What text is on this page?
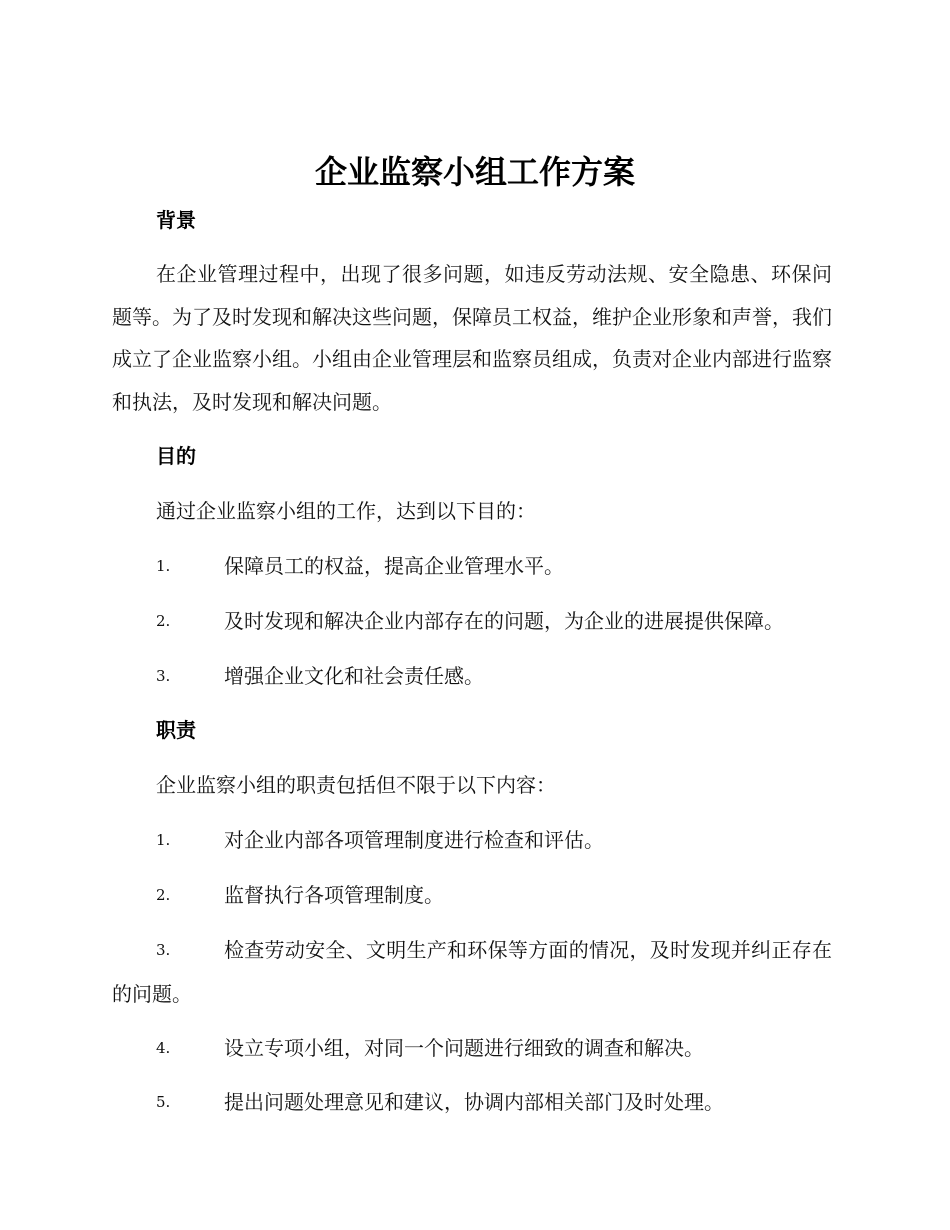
企业监察小组工作方案
背景

在企业管理过程中，出现了很多问题，如违反劳动法规、安全隐患、环保问题等。为了及时发现和解决这些问题，保障员工权益，维护企业形象和声誉，我们成立了企业监察小组。小组由企业管理层和监察员组成，负责对企业内部进行监察和执法，及时发现和解决问题。

目的

通过企业监察小组的工作，达到以下目的：

1.	保障员工的权益，提高企业管理水平。
2.	及时发现和解决企业内部存在的问题，为企业的进展提供保障。
3.	增强企业文化和社会责任感。
职责

企业监察小组的职责包括但不限于以下内容：

1.	对企业内部各项管理制度进行检查和评估。
2.	监督执行各项管理制度。
3.	检查劳动安全、文明生产和环保等方面的情况，及时发现并纠正存在的问题。
4.	设立专项小组，对同一个问题进行细致的调查和解决。
5.	提出问题处理意见和建议，协调内部相关部门及时处理。
